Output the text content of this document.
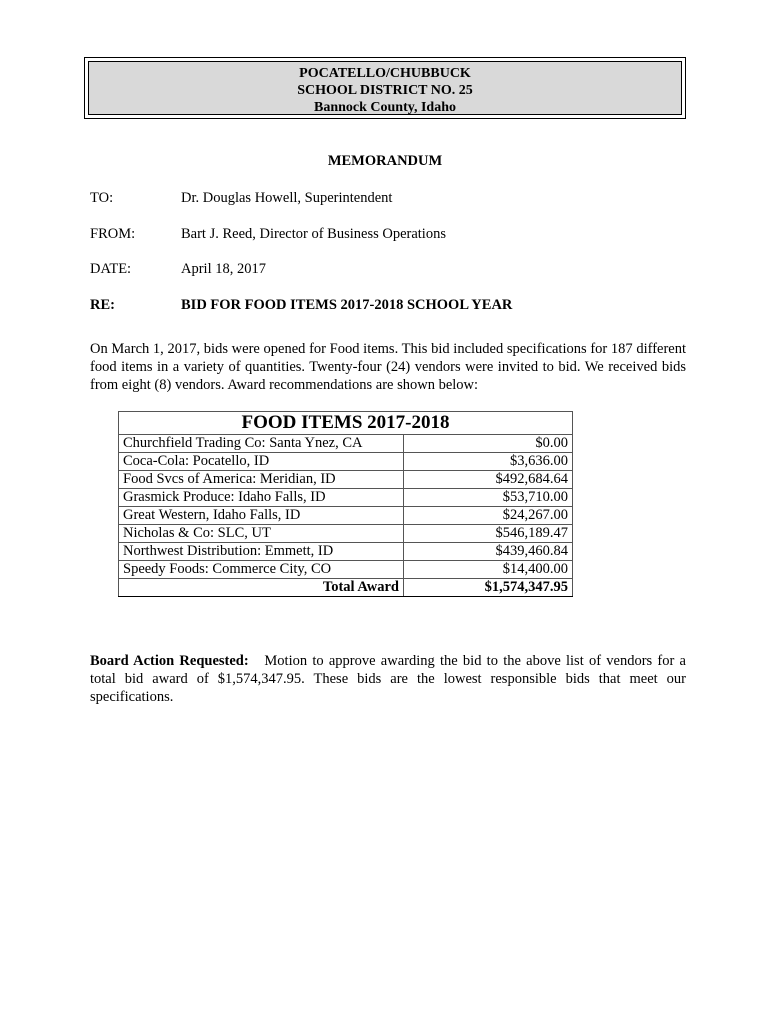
POCATELLO/CHUBBUCK
SCHOOL DISTRICT NO. 25
Bannock County, Idaho
MEMORANDUM
TO:	Dr. Douglas Howell, Superintendent
FROM:	Bart J. Reed, Director of Business Operations
DATE:	April 18, 2017
RE:	BID FOR FOOD ITEMS 2017-2018 SCHOOL YEAR
On March 1, 2017, bids were opened for Food items. This bid included specifications for 187 different food items in a variety of quantities. Twenty-four (24) vendors were invited to bid. We received bids from eight (8) vendors. Award recommendations are shown below:
FOOD ITEMS 2017-2018	
Churchfield Trading Co: Santa Ynez, CA	$0.00
Coca-Cola: Pocatello, ID	$3,636.00
Food Svcs of America: Meridian, ID	$492,684.64
Grasmick Produce: Idaho Falls, ID	$53,710.00
Great Western, Idaho Falls, ID	$24,267.00
Nicholas & Co: SLC, UT	$546,189.47
Northwest Distribution: Emmett, ID	$439,460.84
Speedy Foods: Commerce City, CO	$14,400.00
Total Award	$1,574,347.95
Board Action Requested: Motion to approve awarding the bid to the above list of vendors for a total bid award of $1,574,347.95. These bids are the lowest responsible bids that meet our specifications.
